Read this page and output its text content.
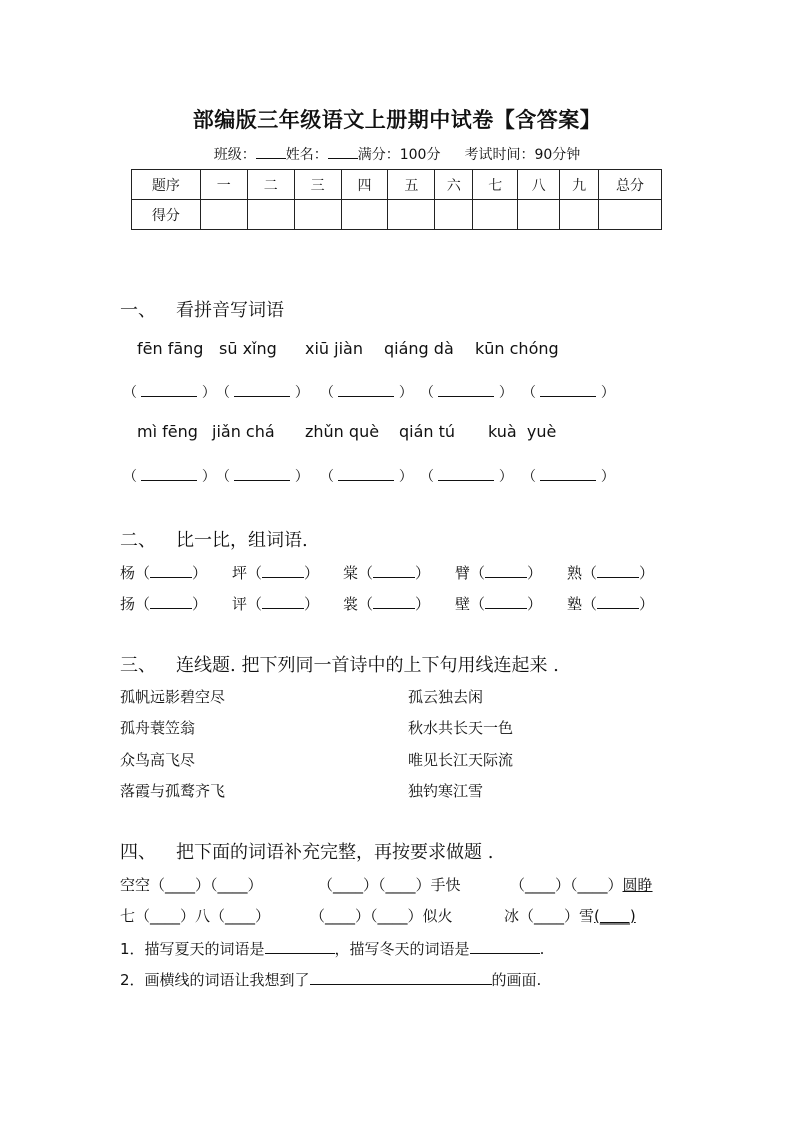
部编版三年级语文上册期中试卷【含答案】
班级： 姓名： 满分：100分 考试时间：90分钟
题序	一	二	三	四	五	六	七	八	九	总分
得分										
一、 看拼音写词语
fēn fāng sū xǐng xiū jiàn qiáng dà kūn chóng
（	） （	） （	） （	） （	）
mì fēng jiǎn chá zhǔn què qián tú kuà  yuè
（	） （	） （	） （	） （	）
二、 比一比，组词语.
杨（	） 坪（	） 棠（	） 臂（	） 熟（	）
扬（	） 评（	） 裳（	） 壁（	） 塾（	）
三、 连线题. 把下列同一首诗中的上下句用线连起来 .
孤帆远影碧空尽
孤舟蓑笠翁
众鸟高飞尽
落霞与孤鹜齐飞
孤云独去闲
秋水共长天一色
唯见长江天际流
独钓寒江雪
四、 把下面的词语补充完整，再按要求做题 .
空空（____）（____）	（____）（____）手快	（____）（____）圆睁
七（____）八（____）	（____）（____）似火	冰（____）雪(____)
1．描写夏天的词语是	，描写冬天的词语是	.
2．画横线的词语让我想到了	的画面.
